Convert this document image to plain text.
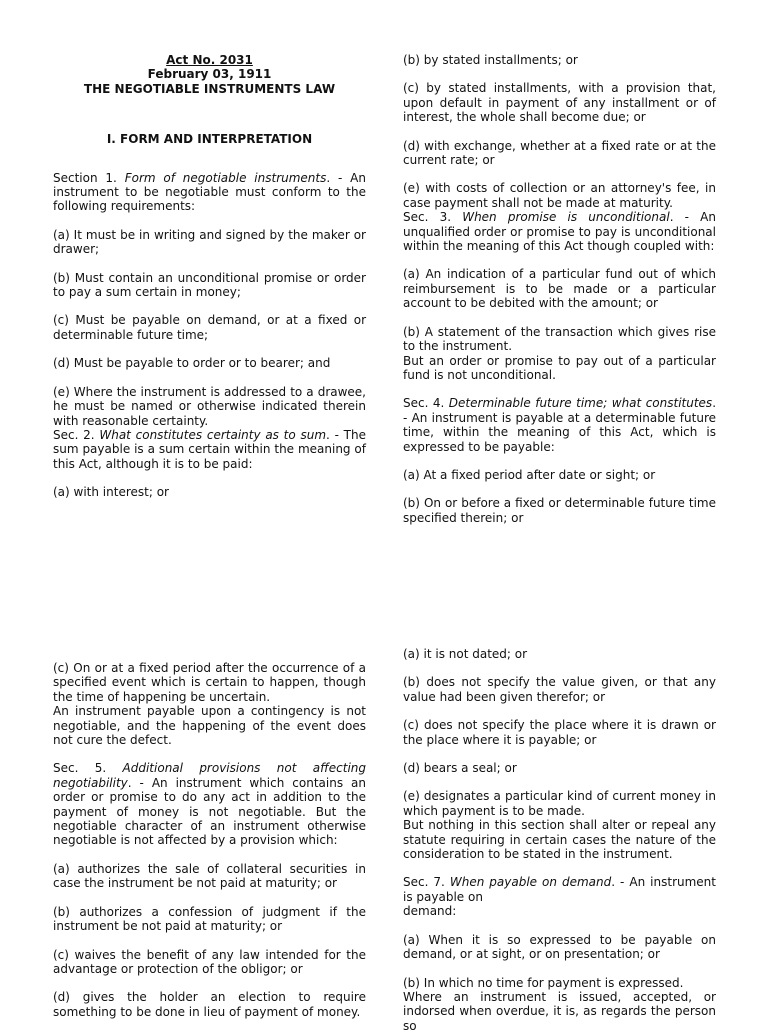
Act No. 2031

February 03, 1911

THE NEGOTIABLE INSTRUMENTS LAW

I. FORM AND INTERPRETATION

Section 1. Form of negotiable instruments. - An instrument to be negotiable must conform to the following requirements:

(a) It must be in writing and signed by the maker or drawer;

(b) Must contain an unconditional promise or order to pay a sum certain in money;

(c) Must be payable on demand, or at a fixed or determinable future time;

(d) Must be payable to order or to bearer; and

(e) Where the instrument is addressed to a drawee, he must be named or otherwise indicated therein with reasonable certainty.

Sec. 2. What constitutes certainty as to sum. - The sum payable is a sum certain within the meaning of this Act, although it is to be paid:

(a) with interest; or

(b) by stated installments; or

(c) by stated installments, with a provision that, upon default in payment of any installment or of interest, the whole shall become due; or

(d) with exchange, whether at a fixed rate or at the current rate; or

(e) with costs of collection or an attorney's fee, in case payment shall not be made at maturity.

Sec. 3. When promise is unconditional. - An unqualified order or promise to pay is unconditional within the meaning of this Act though coupled with:

(a) An indication of a particular fund out of which reimbursement is to be made or a particular account to be debited with the amount; or

(b) A statement of the transaction which gives rise to the instrument.

But an order or promise to pay out of a particular fund is not unconditional.

Sec. 4. Determinable future time; what constitutes. - An instrument is payable at a determinable future time, within the meaning of this Act, which is expressed to be payable:

(a) At a fixed period after date or sight; or

(b) On or before a fixed or determinable future time specified therein; or

(c) On or at a fixed period after the occurrence of a specified event which is certain to happen, though the time of happening be uncertain.

An instrument payable upon a contingency is not negotiable, and the happening of the event does not cure the defect.

Sec. 5. Additional provisions not affecting negotiability. - An instrument which contains an order or promise to do any act in addition to the payment of money is not negotiable. But the negotiable character of an instrument otherwise negotiable is not affected by a provision which:

(a) authorizes the sale of collateral securities in case the instrument be not paid at maturity; or

(b) authorizes a confession of judgment if the instrument be not paid at maturity; or

(c) waives the benefit of any law intended for the advantage or protection of the obligor; or

(d) gives the holder an election to require something to be done in lieu of payment of money.

(a) it is not dated; or

(b) does not specify the value given, or that any value had been given therefor; or

(c) does not specify the place where it is drawn or the place where it is payable; or

(d) bears a seal; or

(e) designates a particular kind of current money in which payment is to be made.

But nothing in this section shall alter or repeal any statute requiring in certain cases the nature of the consideration to be stated in the instrument.

Sec. 7. When payable on demand. - An instrument is payable on

demand:

(a) When it is so expressed to be payable on demand, or at sight, or on presentation; or

(b) In which no time for payment is expressed.

Where an instrument is issued, accepted, or indorsed when overdue, it is, as regards the person so
